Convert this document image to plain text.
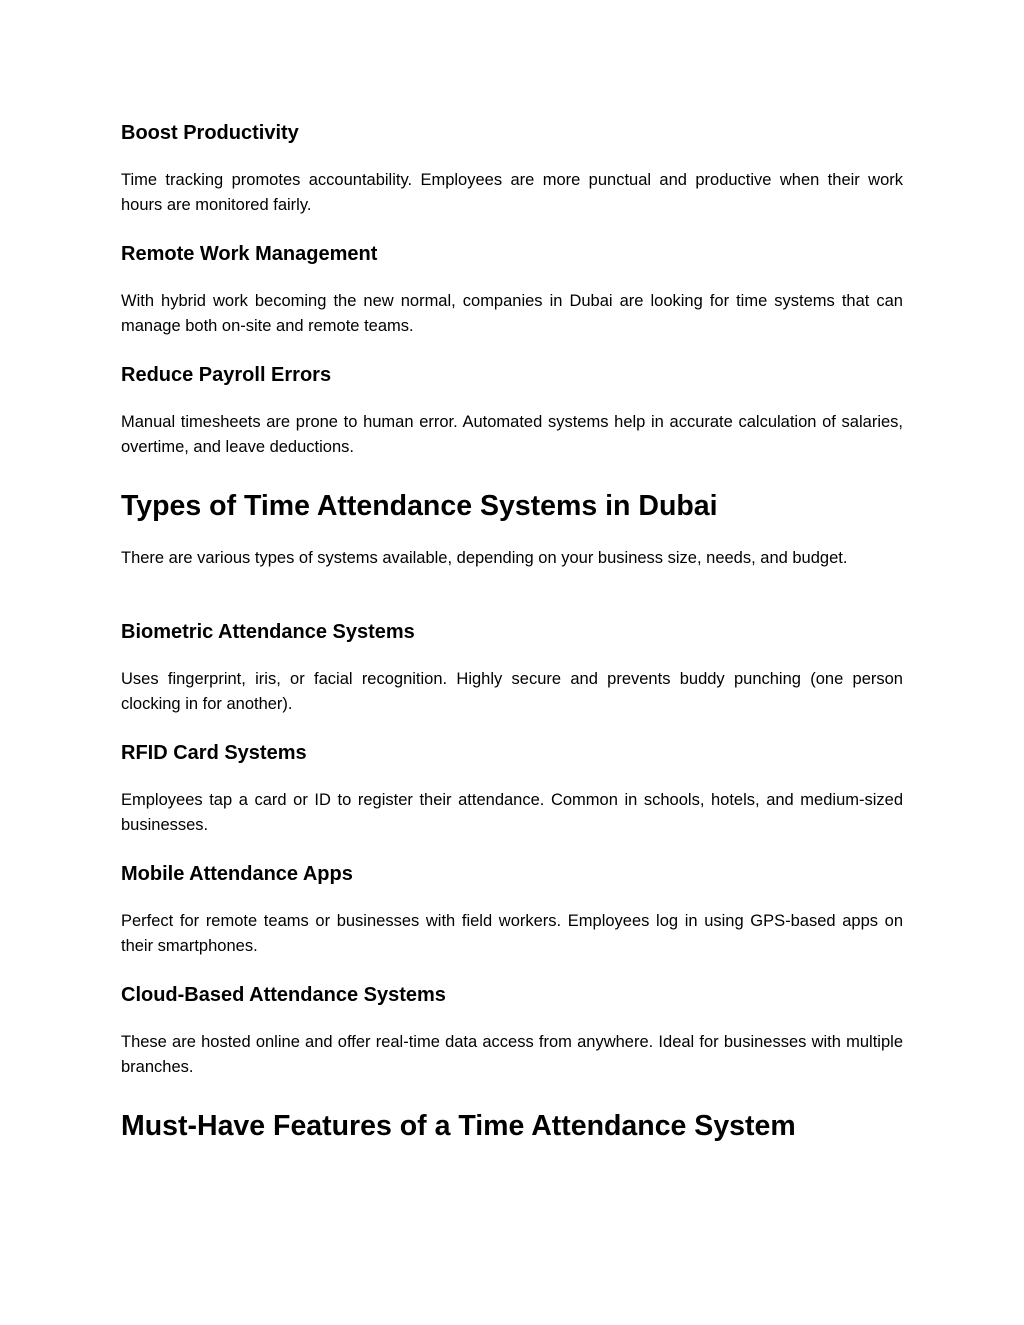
Boost Productivity

Time tracking promotes accountability. Employees are more punctual and productive when their work hours are monitored fairly.

Remote Work Management

With hybrid work becoming the new normal, companies in Dubai are looking for time systems that can manage both on-site and remote teams.

Reduce Payroll Errors

Manual timesheets are prone to human error. Automated systems help in accurate calculation of salaries, overtime, and leave deductions.

Types of Time Attendance Systems in Dubai

There are various types of systems available, depending on your business size, needs, and budget.

Biometric Attendance Systems

Uses fingerprint, iris, or facial recognition. Highly secure and prevents buddy punching (one person clocking in for another).

RFID Card Systems

Employees tap a card or ID to register their attendance. Common in schools, hotels, and medium-sized businesses.

Mobile Attendance Apps

Perfect for remote teams or businesses with field workers. Employees log in using GPS-based apps on their smartphones.

Cloud-Based Attendance Systems

These are hosted online and offer real-time data access from anywhere. Ideal for businesses with multiple branches.

Must-Have Features of a Time Attendance System
